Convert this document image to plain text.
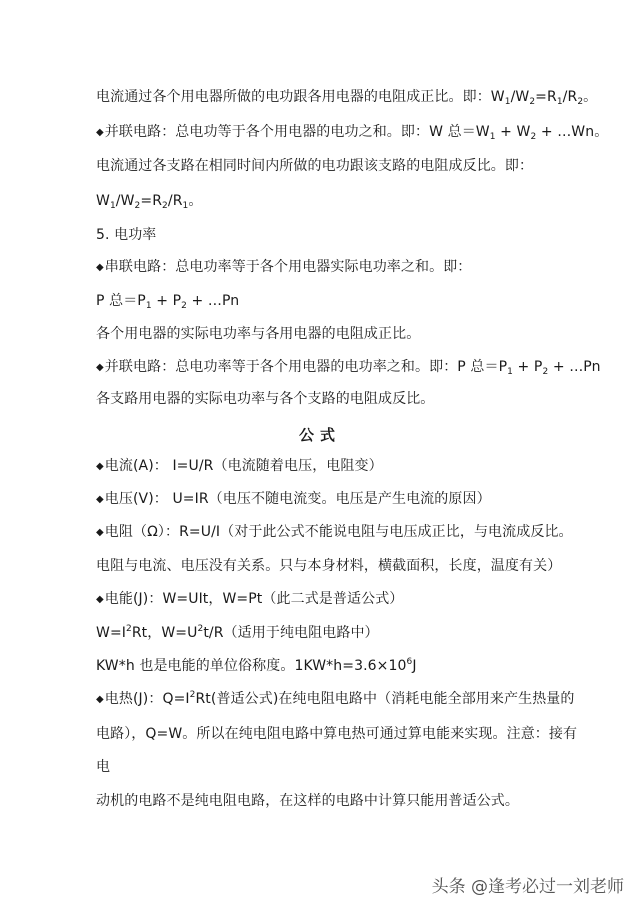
电流通过各个用电器所做的电功跟各用电器的电阻成正比。即：$W_1/W_2=R_1/R_2$。
◆并联电路：总电功等于各个用电器的电功之和。即：W 总$=W_1 + W_2$ + …Wn。
电流通过各支路在相同时间内所做的电功跟该支路的电阻成反比。即：
$W_1/W_2=R_2/R_1$。
5. 电功率
◆串联电路：总电功率等于各个用电器实际电功率之和。即：
P 总$=P_1 + P_2$ + …Pn
各个用电器的实际电功率与各用电器的电阻成正比。
◆并联电路：总电功率等于各个用电器的电功率之和。即：P 总$=P_1 + P_2$ + …Pn
各支路用电器的实际电功率与各个支路的电阻成反比。
公式
◆电流(A)： I=U/R（电流随着电压，电阻变）
◆电压(V)： U=IR（电压不随电流变。电压是产生电流的原因）
◆电阻（Ω）：R=U/I（对于此公式不能说电阻与电压成正比，与电流成反比。
电阻与电流、电压没有关系。只与本身材料，横截面积，长度，温度有关）
◆电能(J)：W=UIt，W=Pt（此二式是普适公式）
$W=I^2Rt$，$W=U^2t/R$（适用于纯电阻电路中）
KW*h 也是电能的单位俗称度。$1KW*h=3.6\times 10^6J$
◆电热(J)：$Q=I^2Rt$(普适公式)在纯电阻电路中（消耗电能全部用来产生热量的
电路），Q=W。所以在纯电阻电路中算电热可通过算电能来实现。注意：接有
电
动机的电路不是纯电阻电路，在这样的电路中计算只能用普适公式。
头条 @逢考必过一刘老师
